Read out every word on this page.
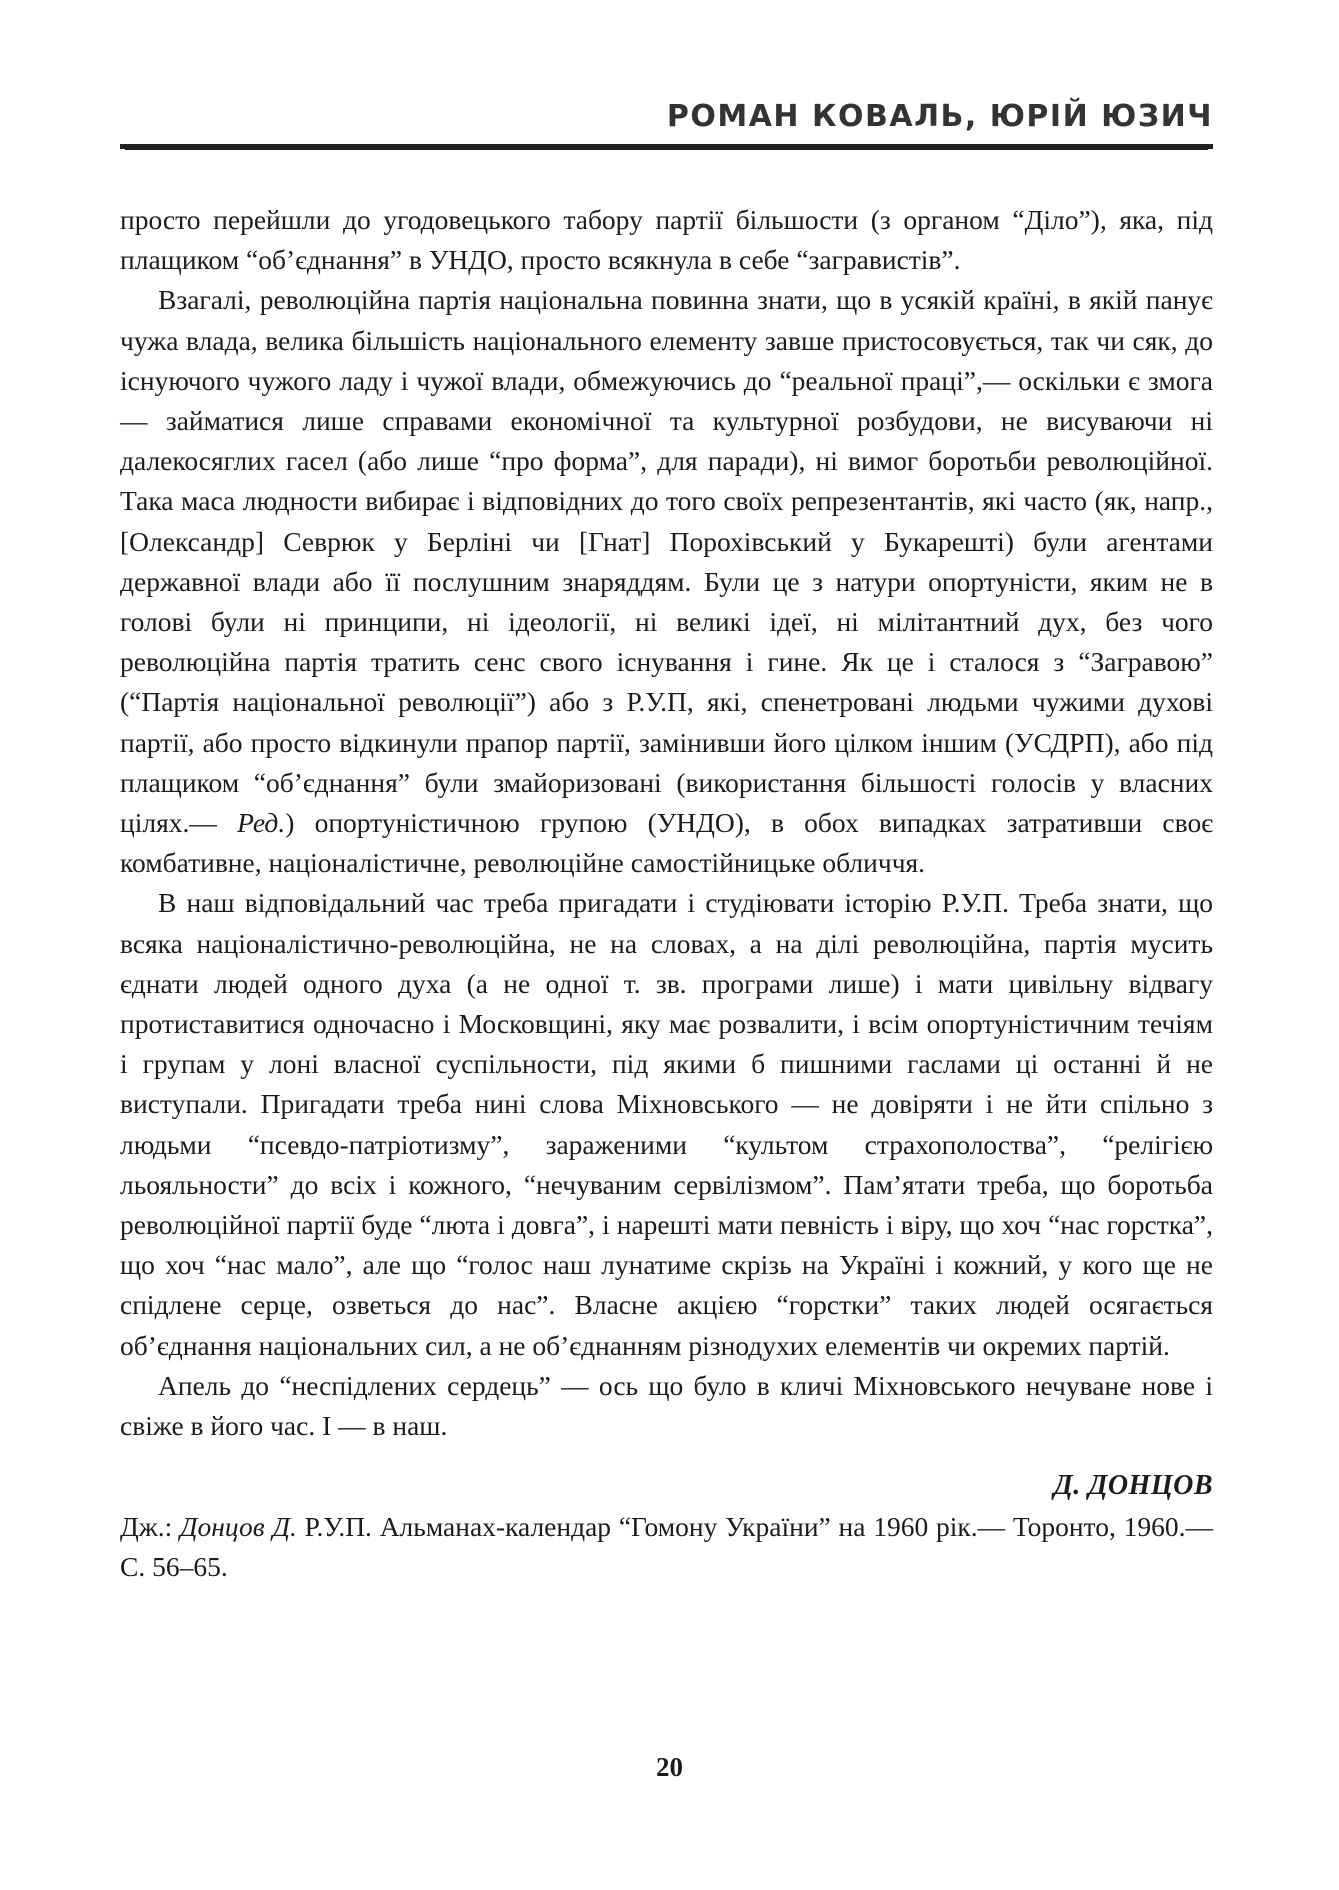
РОМАН КОВАЛЬ, ЮРІЙ ЮЗИЧ

просто перейшли до угодовецького табору партії більшости (з органом “Діло”), яка, під плащиком “об’єднання” в УНДО, просто всякнула в себе “загравистів”.

Взагалі, революційна партія національна повинна знати, що в усякій країні, в якій панує чужа влада, велика більшість національного елементу завше пристосовується, так чи сяк, до існуючого чужого ладу і чужої влади, обмежуючись до “реальної праці”,— оскільки є змога — займатися лише справами економічної та культурної розбудови, не висуваючи ні далекосяглих гасел (або лише “про форма”, для паради), ні вимог боротьби революційної. Така маса людности вибирає і відповідних до того своїх репрезентантів, які часто (як, напр., [Олександр] Севрюк у Берліні чи [Гнат] Порохівський у Букарешті) були агентами державної влади або її послушним знаряддям. Були це з натури опортуністи, яким не в голові були ні принципи, ні ідеології, ні великі ідеї, ні мілітантний дух, без чого революційна партія тратить сенс свого існування і гине. Як це і сталося з “Загравою” (“Партія національної революції”) або з Р.У.П, які, спенетровані людьми чужими духові партії, або просто відкинули прапор партії, замінивши його цілком іншим (УСДРП), або під плащиком “об’єднання” були змайоризовані (використання більшості голосів у власних цілях.— Ред.) опортуністичною групою (УНДО), в обох випадках затративши своє комбативне, націоналістичне, революційне самостійницьке обличчя.

В наш відповідальний час треба пригадати і студіювати історію Р.У.П. Треба знати, що всяка націоналістично-революційна, не на словах, а на ділі революційна, партія мусить єднати людей одного духа (а не одної т. зв. програми лише) і мати цивільну відвагу протиставитися одночасно і Московщині, яку має розвалити, і всім опортуністичним течіям і групам у лоні власної суспільности, під якими б пишними гаслами ці останні й не виступали. Пригадати треба нині слова Міхновського — не довіряти і не йти спільно з людьми “псевдо-патріотизму”, зараженими “культом страхополоства”, “релігією льояльности” до всіх і кожного, “нечуваним сервілізмом”. Пам’ятати треба, що боротьба революційної партії буде “люта і довга”, і нарешті мати певність і віру, що хоч “нас горстка”, що хоч “нас мало”, але що “голос наш лунатиме скрізь на Україні і кожний, у кого ще не спідлене серце, озветься до нас”. Власне акцією “горстки” таких людей осягається об’єднання національних сил, а не об’єднанням різнодухих елементів чи окремих партій.

Апель до “неспідлених сердець” — ось що було в кличі Міхновського нечуване нове і свіже в його час. І — в наш.

Д. ДОНЦОВ

Дж.: Донцов Д. Р.У.П. Альманах-календар “Гомону України” на 1960 рік.— Торонто, 1960.— С. 56–65.

20
